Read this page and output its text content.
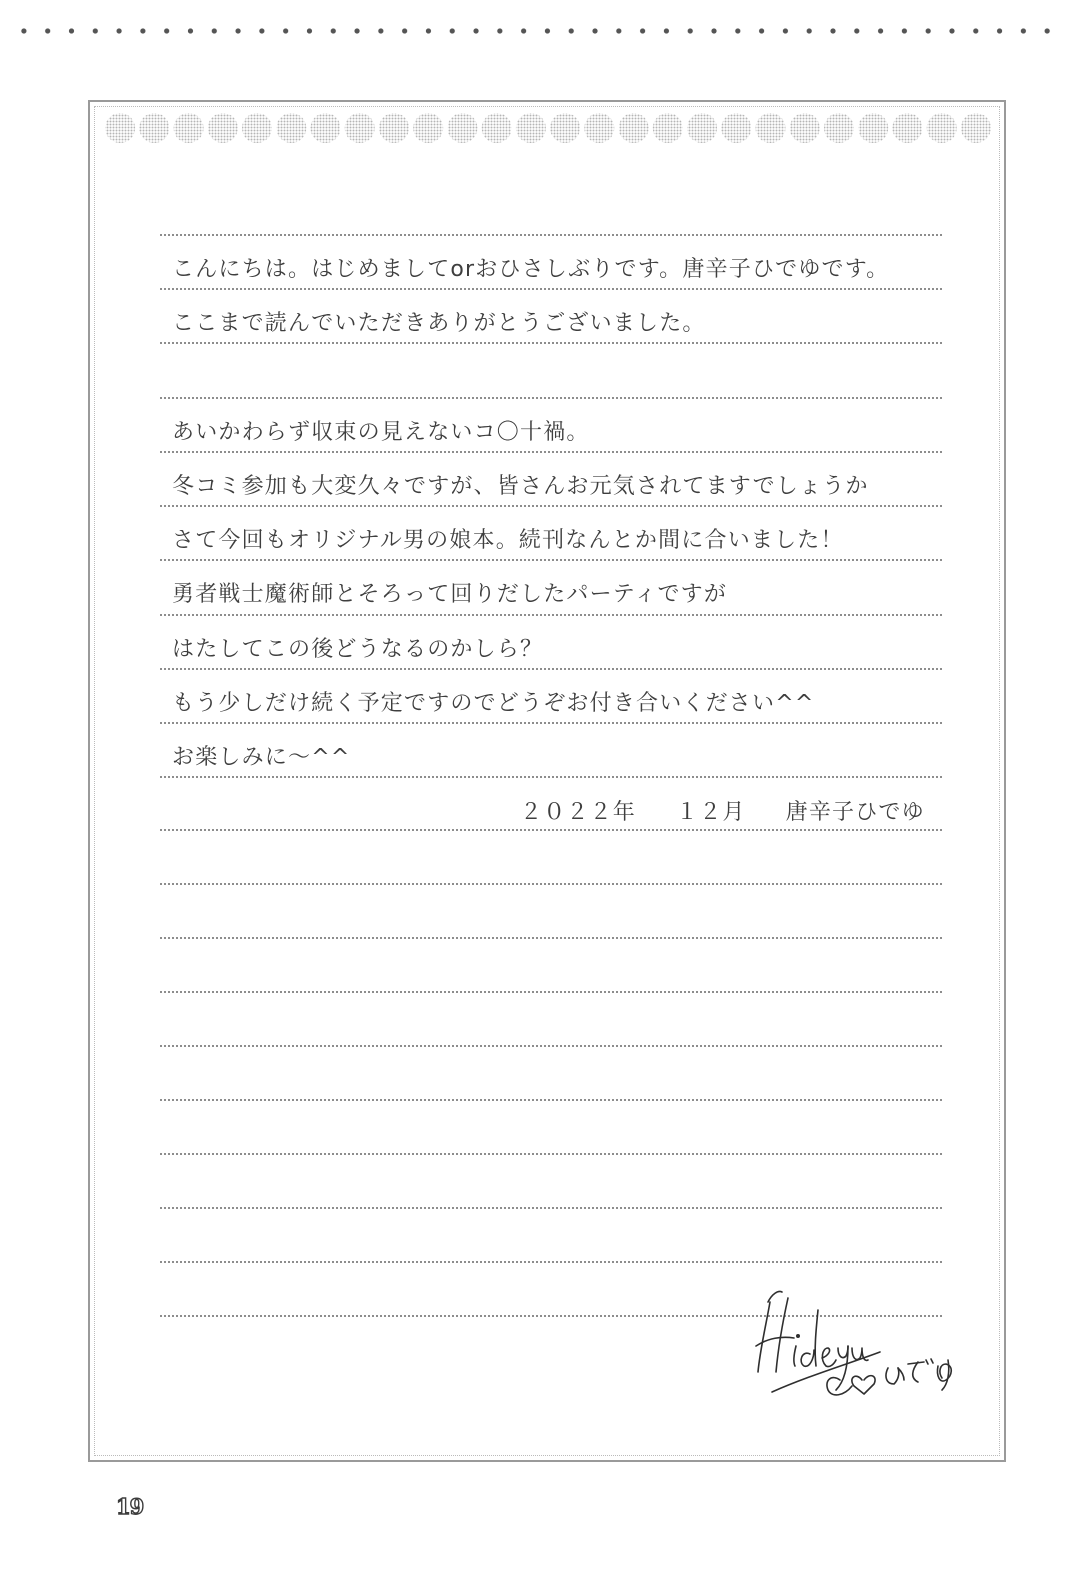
こんにちは。はじめましてorおひさしぶりです。唐辛子ひでゆです。
ここまで読んでいただきありがとうございました。
あいかわらず収束の見えないコ〇十禍。
冬コミ参加も大変久々ですが、皆さんお元気されてますでしょうか
さて今回もオリジナル男の娘本。続刊なんとか間に合いました！
勇者戦士魔術師とそろって回りだしたパーティですが
はたしてこの後どうなるのかしら？
もう少しだけ続く予定ですのでどうぞお付き合いください^^
お楽しみに〜^^
２０２２年 １２月 唐辛子ひでゆ
19
